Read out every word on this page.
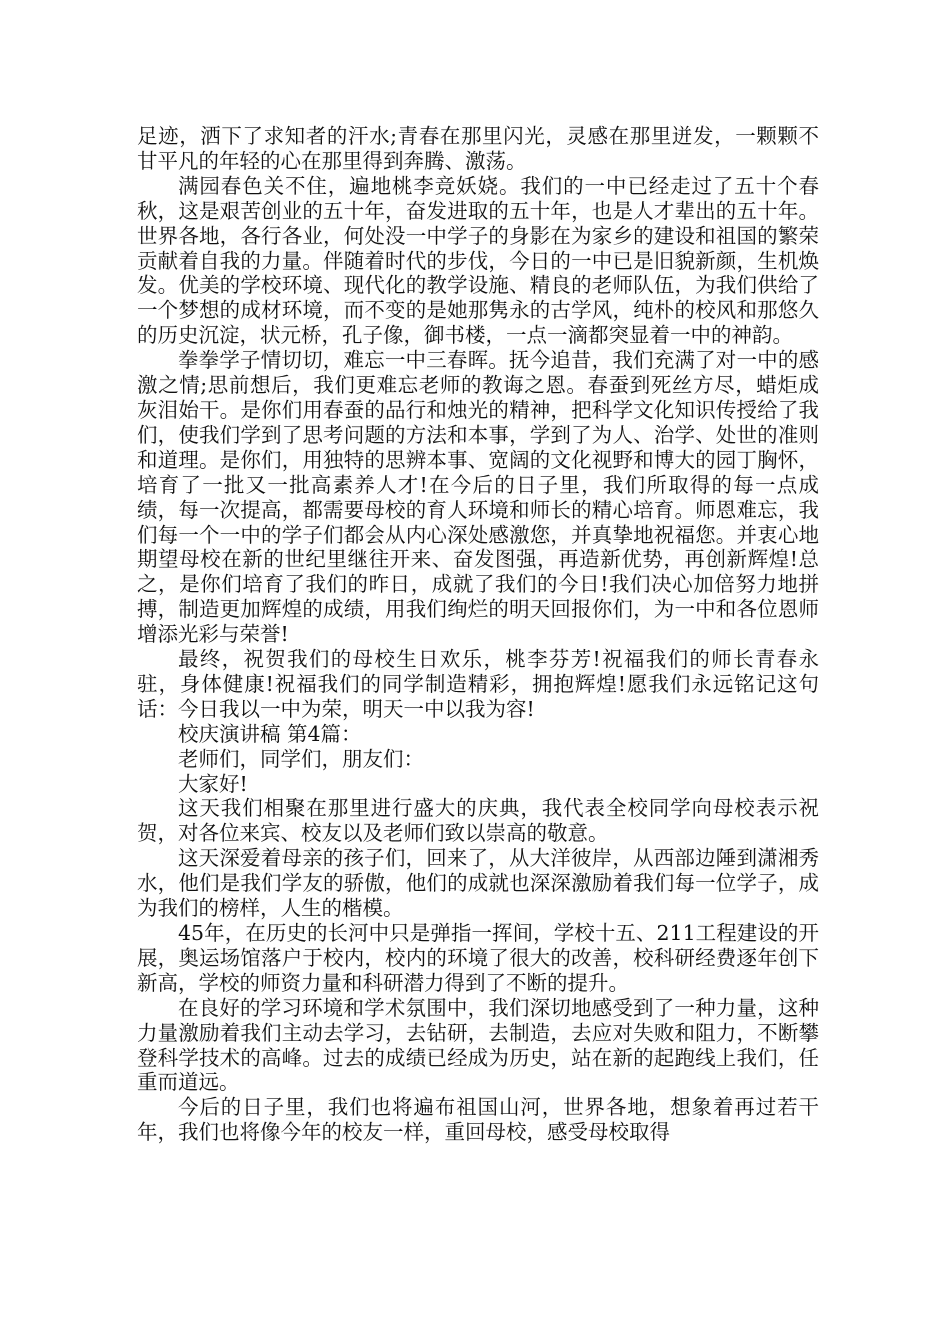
足迹，洒下了求知者的汗水;青春在那里闪光，灵感在那里迸发，一颗颗不甘平凡的年轻的心在那里得到奔腾、激荡。

满园春色关不住，遍地桃李竞妖娆。我们的一中已经走过了五十个春秋，这是艰苦创业的五十年，奋发进取的五十年，也是人才辈出的五十年。世界各地，各行各业，何处没一中学子的身影在为家乡的建设和祖国的繁荣贡献着自我的力量。伴随着时代的步伐，今日的一中已是旧貌新颜，生机焕发。优美的学校环境、现代化的教学设施、精良的老师队伍，为我们供给了一个梦想的成材环境，而不变的是她那隽永的古学风，纯朴的校风和那悠久的历史沉淀，状元桥，孔子像，御书楼，一点一滴都突显着一中的神韵。

拳拳学子情切切，难忘一中三春晖。抚今追昔，我们充满了对一中的感激之情;思前想后，我们更难忘老师的教诲之恩。春蚕到死丝方尽，蜡炬成灰泪始干。是你们用春蚕的品行和烛光的精神，把科学文化知识传授给了我们，使我们学到了思考问题的方法和本事，学到了为人、治学、处世的准则和道理。是你们，用独特的思辨本事、宽阔的文化视野和博大的园丁胸怀，培育了一批又一批高素养人才!在今后的日子里，我们所取得的每一点成绩，每一次提高，都需要母校的育人环境和师长的精心培育。师恩难忘，我们每一个一中的学子们都会从内心深处感激您，并真挚地祝福您。并衷心地期望母校在新的世纪里继往开来、奋发图强，再造新优势，再创新辉煌!总之，是你们培育了我们的昨日，成就了我们的今日!我们决心加倍努力地拼搏，制造更加辉煌的成绩，用我们绚烂的明天回报你们，为一中和各位恩师增添光彩与荣誉!

最终，祝贺我们的母校生日欢乐，桃李芬芳!祝福我们的师长青春永驻，身体健康!祝福我们的同学制造精彩，拥抱辉煌!愿我们永远铭记这句话：今日我以一中为荣，明天一中以我为容!

校庆演讲稿 第4篇：

老师们，同学们，朋友们：

大家好!

这天我们相聚在那里进行盛大的庆典，我代表全校同学向母校表示祝贺，对各位来宾、校友以及老师们致以崇高的敬意。

这天深爱着母亲的孩子们，回来了，从大洋彼岸，从西部边陲到潇湘秀水，他们是我们学友的骄傲，他们的成就也深深激励着我们每一位学子，成为我们的榜样，人生的楷模。

45年，在历史的长河中只是弹指一挥间，学校十五、211工程建设的开展，奥运场馆落户于校内，校内的环境了很大的改善，校科研经费逐年创下新高，学校的师资力量和科研潜力得到了不断的提升。

在良好的学习环境和学术氛围中，我们深切地感受到了一种力量，这种力量激励着我们主动去学习，去钻研，去制造，去应对失败和阻力，不断攀登科学技术的高峰。过去的成绩已经成为历史，站在新的起跑线上我们，任重而道远。

今后的日子里，我们也将遍布祖国山河，世界各地，想象着再过若干年，我们也将像今年的校友一样，重回母校，感受母校取得
